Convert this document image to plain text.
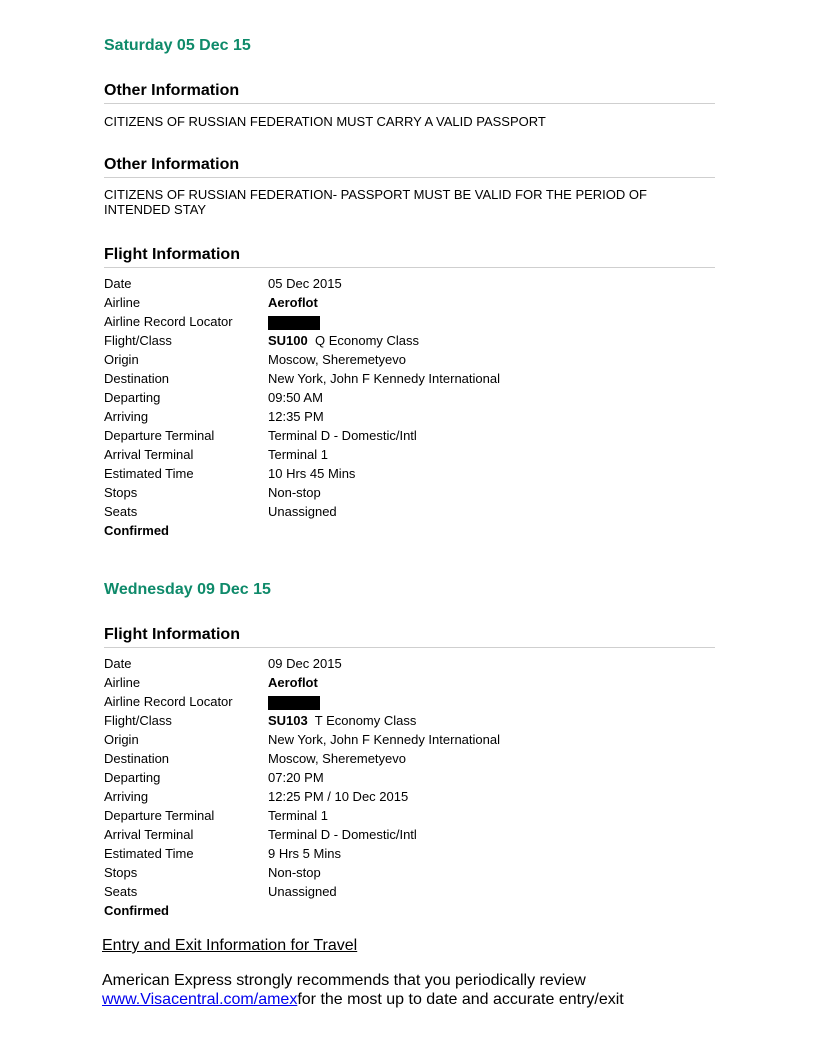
Saturday 05 Dec 15
Other Information

CITIZENS OF RUSSIAN FEDERATION MUST CARRY A VALID PASSPORT

Other Information

CITIZENS OF RUSSIAN FEDERATION- PASSPORT MUST BE VALID FOR THE PERIOD OF INTENDED STAY

Flight Information
Date	05 Dec 2015
Airline	Aeroflot
Airline Record Locator
Flight/Class	SU100 Q Economy Class
Origin	Moscow, Sheremetyevo
Destination	New York, John F Kennedy International
Departing	09:50 AM
Arriving	12:35 PM
Departure Terminal	Terminal D - Domestic/Intl
Arrival Terminal	Terminal 1
Estimated Time	10 Hrs 45 Mins
Stops	Non-stop
Seats	Unassigned
Confirmed
Wednesday 09 Dec 15
Flight Information
Date	09 Dec 2015
Airline	Aeroflot
Airline Record Locator
Flight/Class	SU103 T Economy Class
Origin	New York, John F Kennedy International
Destination	Moscow, Sheremetyevo
Departing	07:20 PM
Arriving	12:25 PM / 10 Dec 2015
Departure Terminal	Terminal 1
Arrival Terminal	Terminal D - Domestic/Intl
Estimated Time	9 Hrs 5 Mins
Stops	Non-stop
Seats	Unassigned
Confirmed
Entry and Exit Information for Travel
American Express strongly recommends that you periodically review
www.Visacentral.com/amexfor the most up to date and accurate entry/exit
